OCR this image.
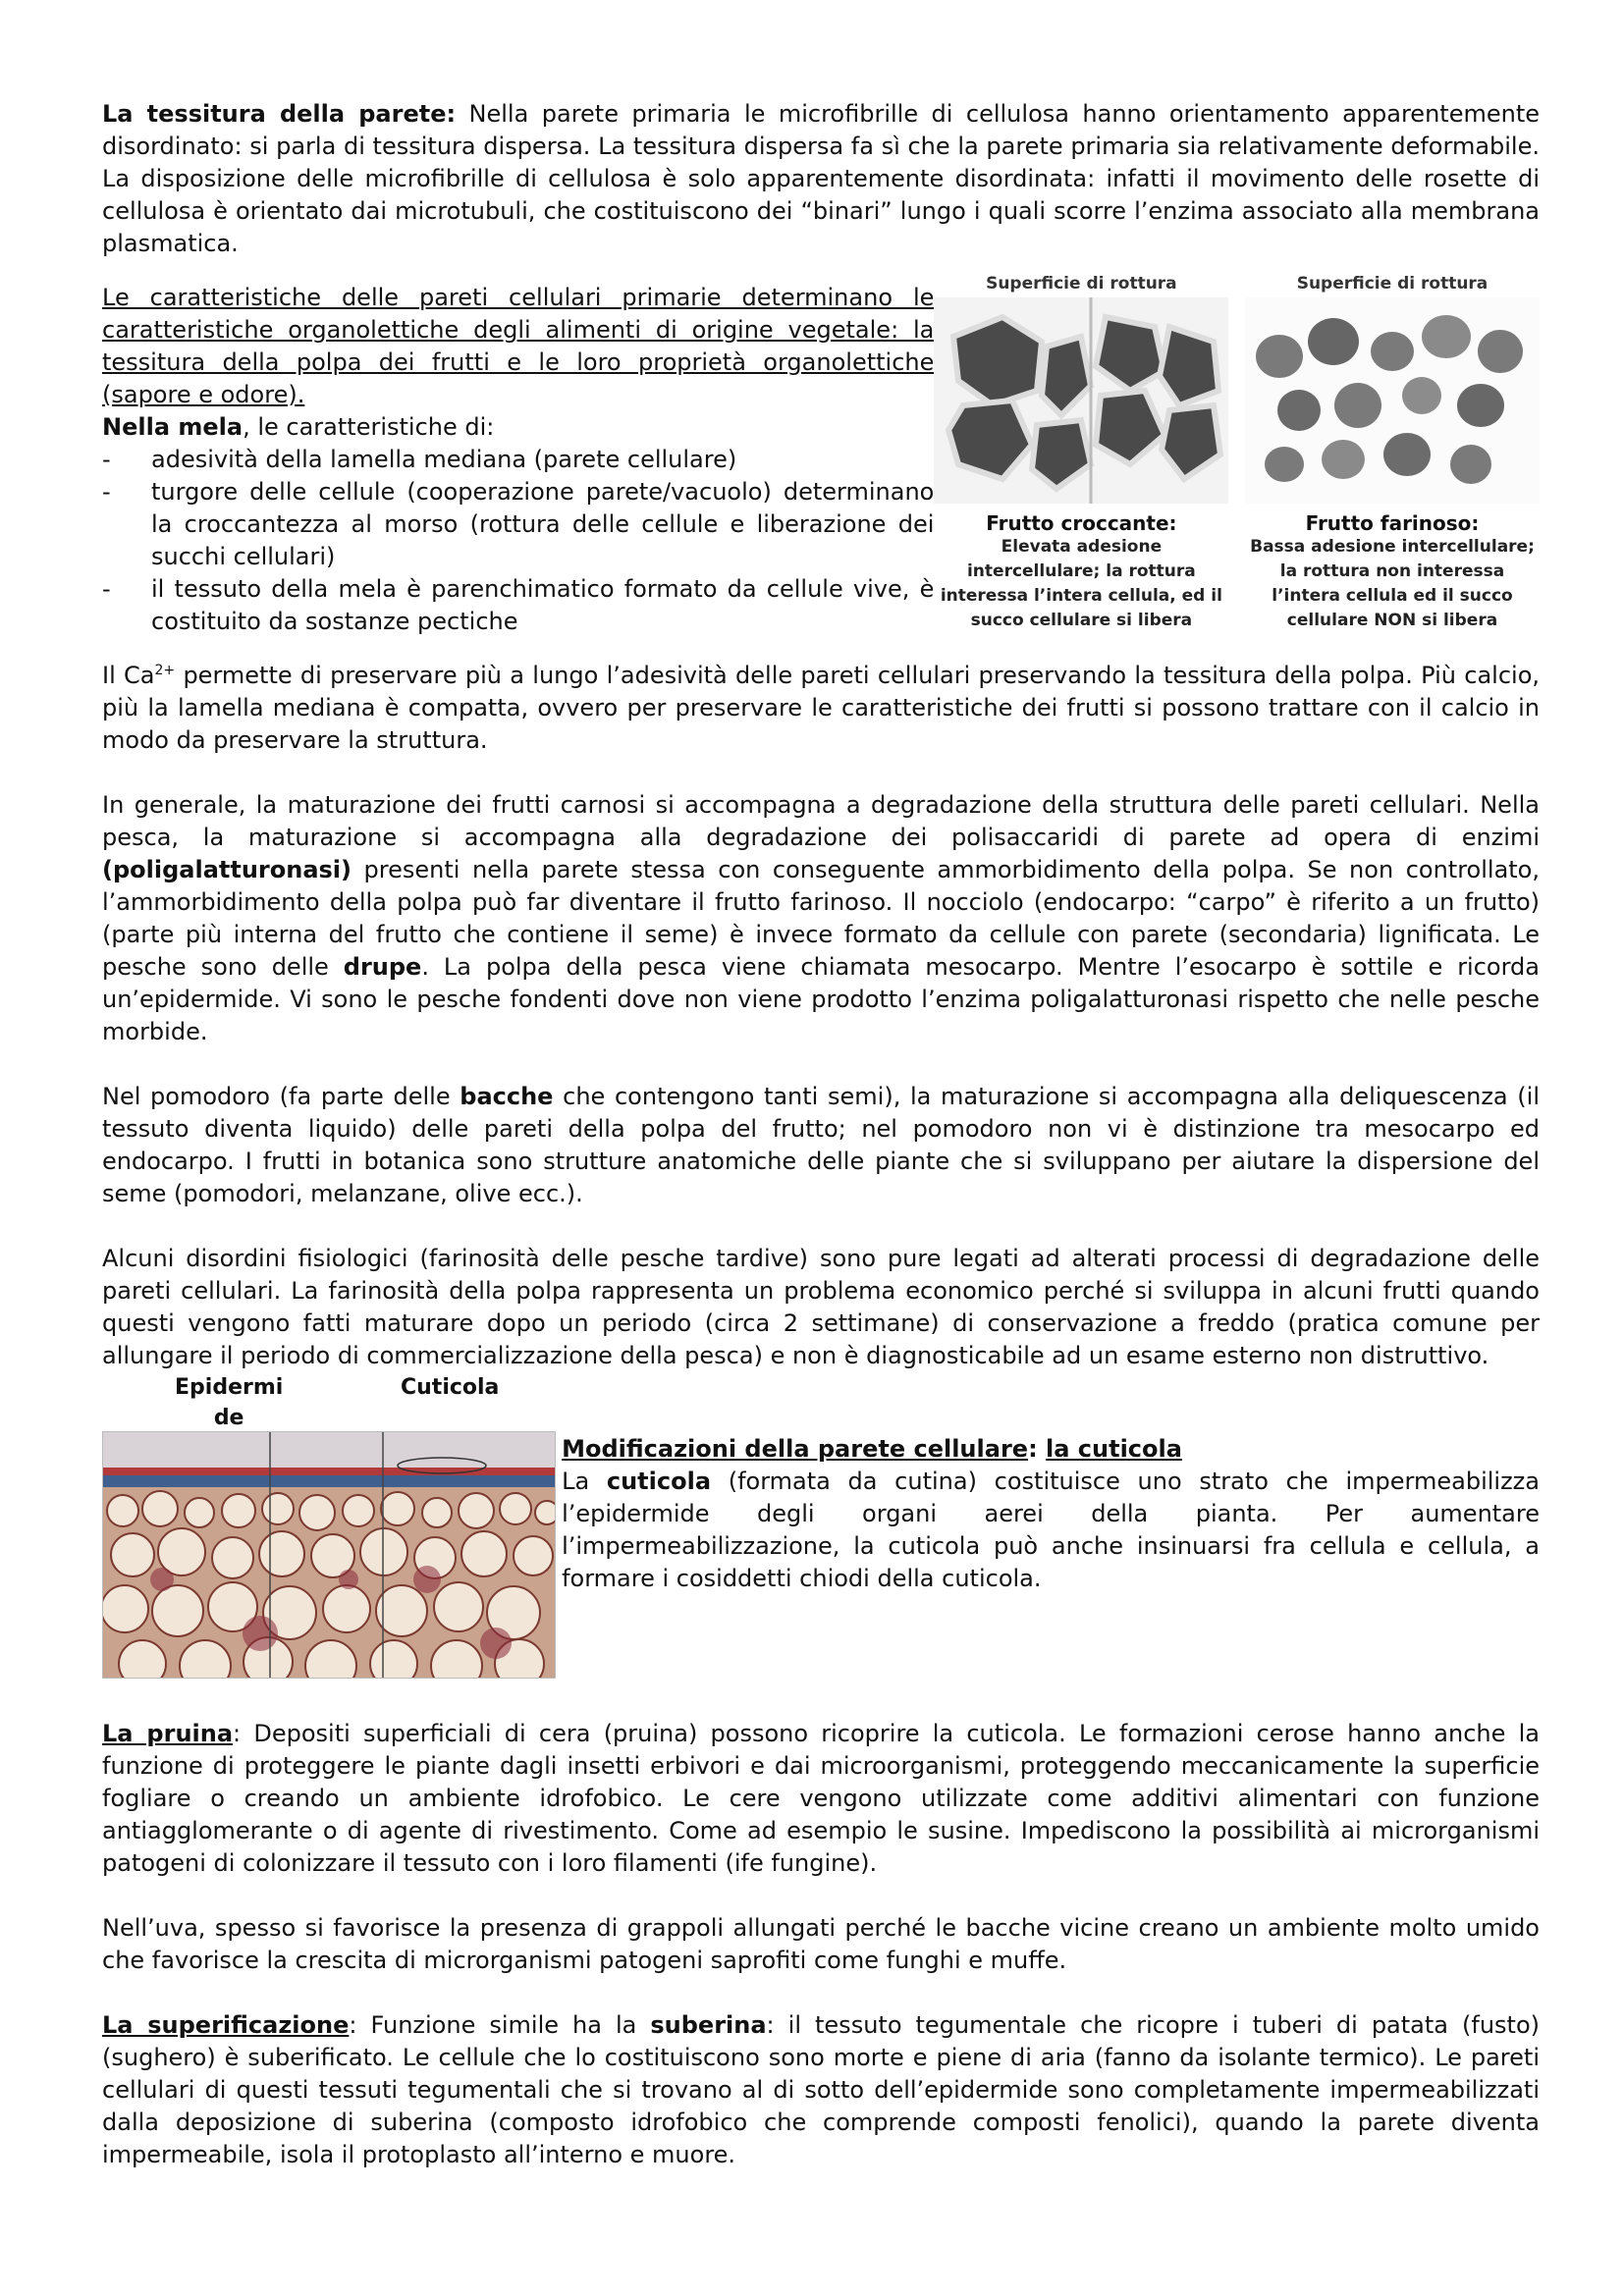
La tessitura della parete: Nella parete primaria le microfibrille di cellulosa hanno orientamento apparentemente disordinato: si parla di tessitura dispersa. La tessitura dispersa fa sì che la parete primaria sia relativamente deformabile. La disposizione delle microfibrille di cellulosa è solo apparentemente disordinata: infatti il movimento delle rosette di cellulosa è orientato dai microtubuli, che costituiscono dei “binari” lungo i quali scorre l’enzima associato alla membrana plasmatica.

Le caratteristiche delle pareti cellulari primarie determinano le caratteristiche organolettiche degli alimenti di origine vegetale: la tessitura della polpa dei frutti e le loro proprietà organolettiche (sapore e odore).

Nella mela, le caratteristiche di:

- adesività della lamella mediana (parete cellulare)
- turgore delle cellule (cooperazione parete/vacuolo) determinano la croccantezza al morso (rottura delle cellule e liberazione dei succhi cellulari)
- il tessuto della mela è parenchimatico formato da cellule vive, è costituito da sostanze pectiche
Superficie di rottura
Frutto croccante:
Elevata adesione intercellulare; la rottura interessa l’intera cellula, ed il succo cellulare si libera
Superficie di rottura
Frutto farinoso:
Bassa adesione intercellulare; la rottura non interessa l’intera cellula ed il succo cellulare NON si libera

Il $Ca^{2+}$ permette di preservare più a lungo l’adesività delle pareti cellulari preservando la tessitura della polpa. Più calcio, più la lamella mediana è compatta, ovvero per preservare le caratteristiche dei frutti si possono trattare con il calcio in modo da preservare la struttura.

In generale, la maturazione dei frutti carnosi si accompagna a degradazione della struttura delle pareti cellulari. Nella pesca, la maturazione si accompagna alla degradazione dei polisaccaridi di parete ad opera di enzimi (poligalatturonasi) presenti nella parete stessa con conseguente ammorbidimento della polpa. Se non controllato, l’ammorbidimento della polpa può far diventare il frutto farinoso. Il nocciolo (endocarpo: “carpo” è riferito a un frutto) (parte più interna del frutto che contiene il seme) è invece formato da cellule con parete (secondaria) lignificata. Le pesche sono delle drupe. La polpa della pesca viene chiamata mesocarpo. Mentre l’esocarpo è sottile e ricorda un’epidermide. Vi sono le pesche fondenti dove non viene prodotto l’enzima poligalatturonasi rispetto che nelle pesche morbide.

Nel pomodoro (fa parte delle bacche che contengono tanti semi), la maturazione si accompagna alla deliquescenza (il tessuto diventa liquido) delle pareti della polpa del frutto; nel pomodoro non vi è distinzione tra mesocarpo ed endocarpo. I frutti in botanica sono strutture anatomiche delle piante che si sviluppano per aiutare la dispersione del seme (pomodori, melanzane, olive ecc.).

Alcuni disordini fisiologici (farinosità delle pesche tardive) sono pure legati ad alterati processi di degradazione delle pareti cellulari. La farinosità della polpa rappresenta un problema economico perché si sviluppa in alcuni frutti quando questi vengono fatti maturare dopo un periodo (circa 2 settimane) di conservazione a freddo (pratica comune per allungare il periodo di commercializzazione della pesca) e non è diagnosticabile ad un esame esterno non distruttivo.

Epidermi
de
Cuticola

Modificazioni della parete cellulare: la cuticola

La cuticola (formata da cutina) costituisce uno strato che impermeabilizza l’epidermide degli organi aerei della pianta. Per aumentare l’impermeabilizzazione, la cuticola può anche insinuarsi fra cellula e cellula, a formare i cosiddetti chiodi della cuticola.

La pruina: Depositi superficiali di cera (pruina) possono ricoprire la cuticola. Le formazioni cerose hanno anche la funzione di proteggere le piante dagli insetti erbivori e dai microorganismi, proteggendo meccanicamente la superficie fogliare o creando un ambiente idrofobico. Le cere vengono utilizzate come additivi alimentari con funzione antiagglomerante o di agente di rivestimento. Come ad esempio le susine. Impediscono la possibilità ai microrganismi patogeni di colonizzare il tessuto con i loro filamenti (ife fungine).

Nell’uva, spesso si favorisce la presenza di grappoli allungati perché le bacche vicine creano un ambiente molto umido che favorisce la crescita di microrganismi patogeni saprofiti come funghi e muffe.

La superificazione: Funzione simile ha la suberina: il tessuto tegumentale che ricopre i tuberi di patata (fusto) (sughero) è suberificato. Le cellule che lo costituiscono sono morte e piene di aria (fanno da isolante termico). Le pareti cellulari di questi tessuti tegumentali che si trovano al di sotto dell’epidermide sono completamente impermeabilizzati dalla deposizione di suberina (composto idrofobico che comprende composti fenolici), quando la parete diventa impermeabile, isola il protoplasto all’interno e muore.
